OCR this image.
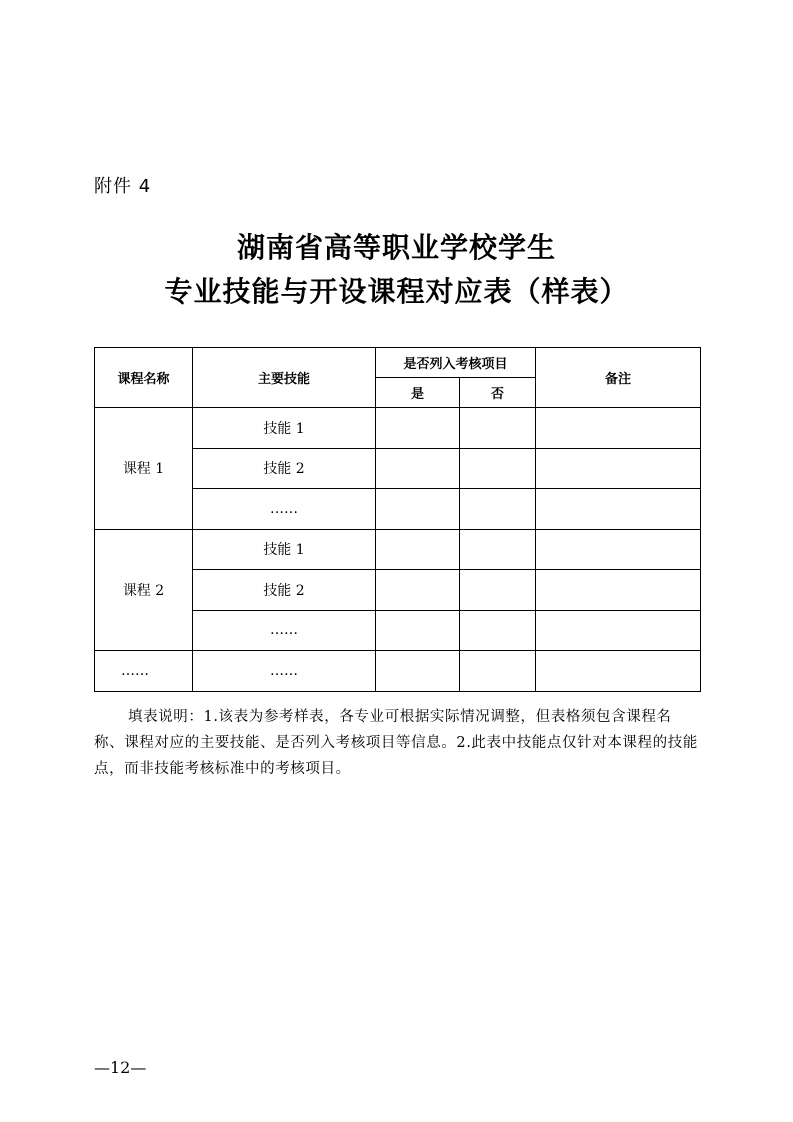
附件 4
湖南省高等职业学校学生
专业技能与开设课程对应表（样表）
课程名称	主要技能	是否列入考核项目		备注
		是	否	
课程 1	技能 1			
	技能 2			
	……			
课程 2	技能 1			
	技能 2			
	……			
……	……			
填表说明：1.该表为参考样表，各专业可根据实际情况调整，但表格须包含课程名称、课程对应的主要技能、是否列入考核项目等信息。2.此表中技能点仅针对本课程的技能点，而非技能考核标准中的考核项目。
—12—
